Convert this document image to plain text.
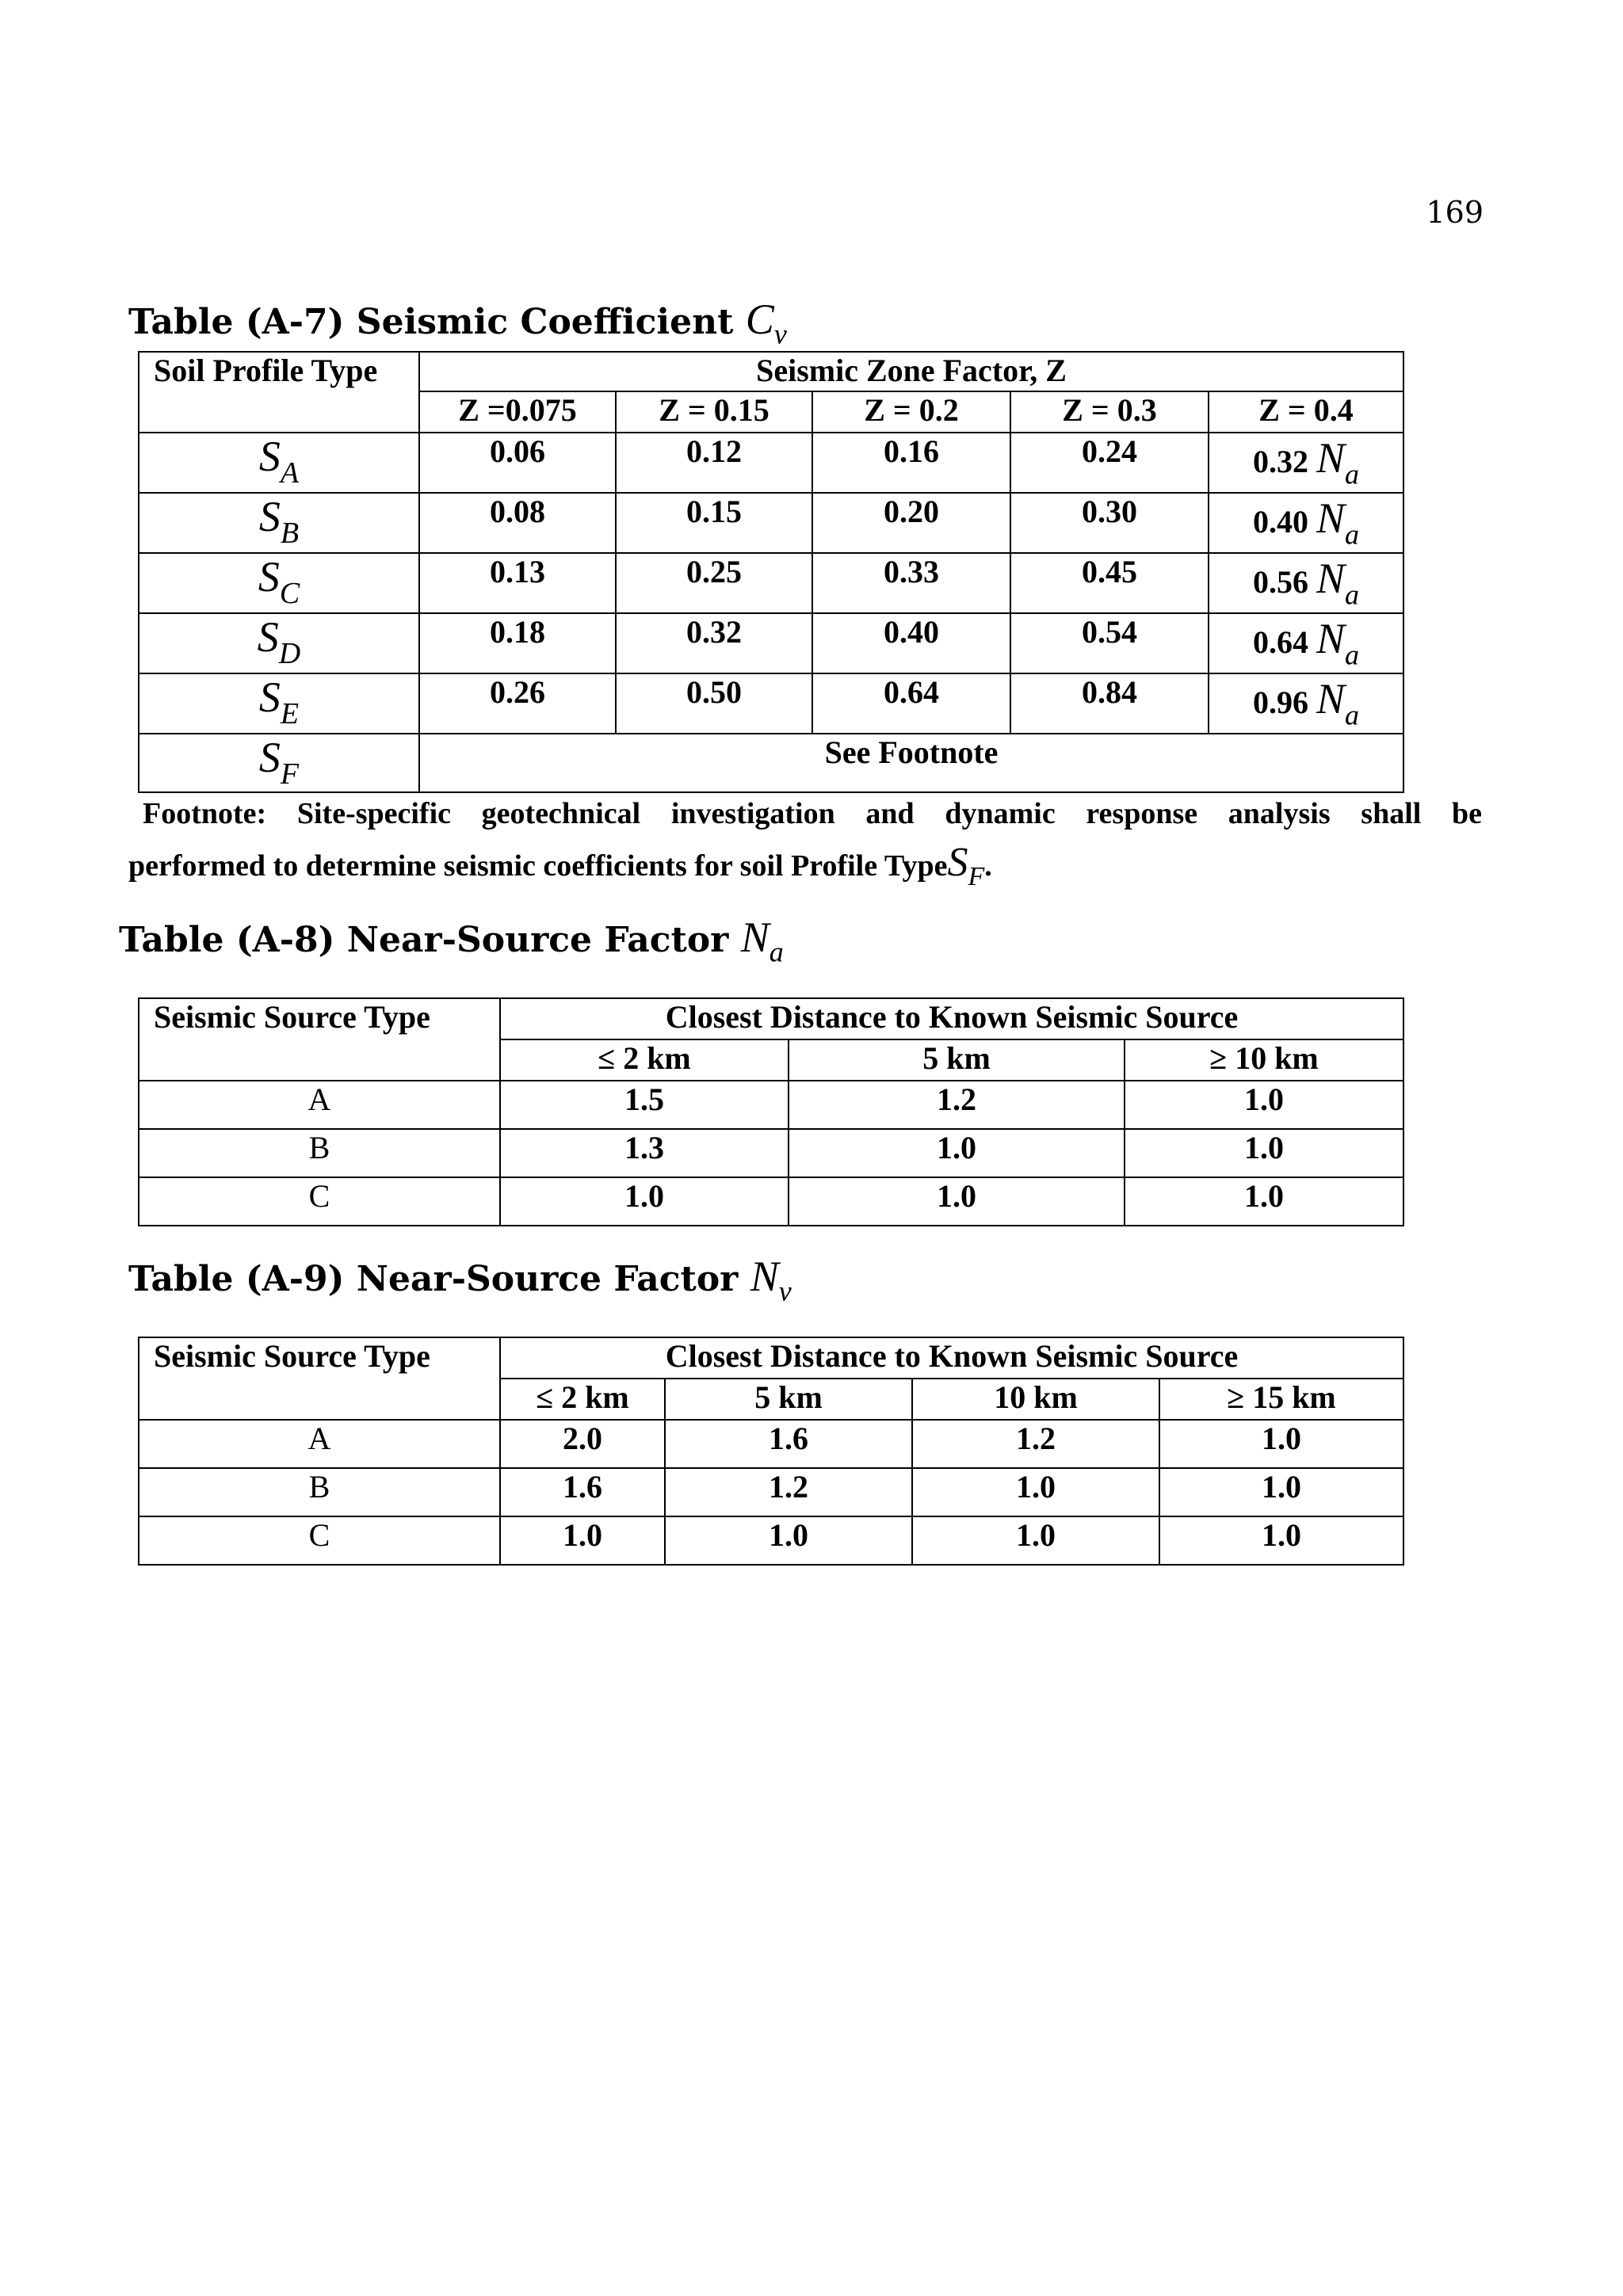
169
Table (A-7) Seismic Coefficient $C_v$
Soil Profile Type	Seismic Zone Factor, Z				
	Z =0.075	Z = 0.15	Z = 0.2	Z = 0.3	Z = 0.4
$S_A$	0.06	0.12	0.16	0.24	0.32 $N_a$
$S_B$	0.08	0.15	0.20	0.30	0.40 $N_a$
$S_C$	0.13	0.25	0.33	0.45	0.56 $N_a$
$S_D$	0.18	0.32	0.40	0.54	0.64 $N_a$
$S_E$	0.26	0.50	0.64	0.84	0.96 $N_a$
$S_F$	See Footnote				
Footnote: Site-specific geotechnical investigation and dynamic response analysis shall be
performed to determine seismic coefficients for soil Profile TypeS$_F$.
Table (A-8) Near-Source Factor $N_a$
Seismic Source Type	Closest Distance to Known Seismic Source		
	≤ 2 km	5 km	≥ 10 km
A	1.5	1.2	1.0
B	1.3	1.0	1.0
C	1.0	1.0	1.0
Table (A-9) Near-Source Factor $N_v$
Seismic Source Type	Closest Distance to Known Seismic Source			
	≤ 2 km	5 km	10 km	≥ 15 km
A	2.0	1.6	1.2	1.0
B	1.6	1.2	1.0	1.0
C	1.0	1.0	1.0	1.0
